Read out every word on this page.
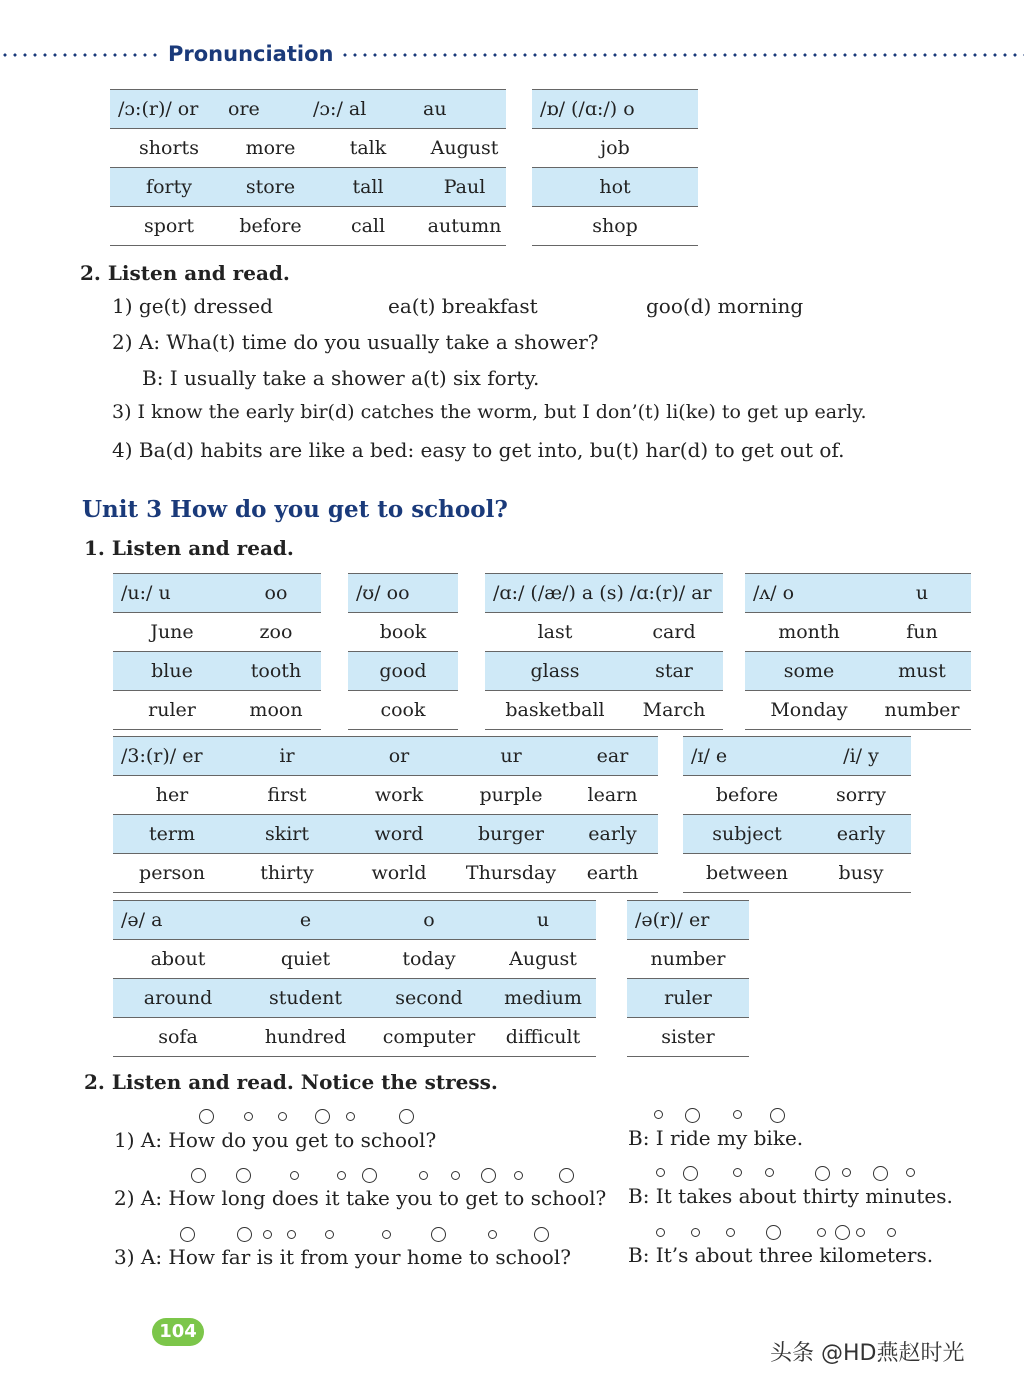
Pronunciation
/ɔ:(r)/ or	ore	/ɔ:/ al	au
shorts	more	talk	August
forty	store	tall	Paul
sport	before	call	autumn
/ɒ/ (/ɑ:/) o
job
hot
shop
2. Listen and read.
1) ge(t) dressed	ea(t) breakfast	goo(d) morning
2) A: Wha(t) time do you usually take a shower?
B: I usually take a shower a(t) six forty.
3) I know the early bir(d) catches the worm, but I don’(t) li(ke) to get up early.
4) Ba(d) habits are like a bed: easy to get into, bu(t) har(d) to get out of.
Unit 3 How do you get to school?
1. Listen and read.
/u:/ u	oo
June	zoo
blue	tooth
ruler	moon
/ʊ/ oo
book
good
cook
/ɑ:/ (/æ/) a (s) /ɑ:(r)/ ar	
last	card
glass	star
basketball	March
/ʌ/ o	u
month	fun
some	must
Monday	number
/3:(r)/ er	ir	or	ur	ear
her	first	work	purple	learn
term	skirt	word	burger	early
person	thirty	world	Thursday	earth
/ɪ/ e	/i/ y
before	sorry
subject	early
between	busy
/ə/ a	e	o	u
about	quiet	today	August
around	student	second	medium
sofa	hundred	computer	difficult
/ə(r)/ er
number
ruler
sister
2. Listen and read. Notice the stress.
1) A: How do you get to school?	B: I ride my bike.
2) A: How long does it take you to get to school? B: It takes about thirty minutes.
3) A: How far is it from your home to school?	B: It’s about three kilometers.
104
头条 @HD燕赵时光
